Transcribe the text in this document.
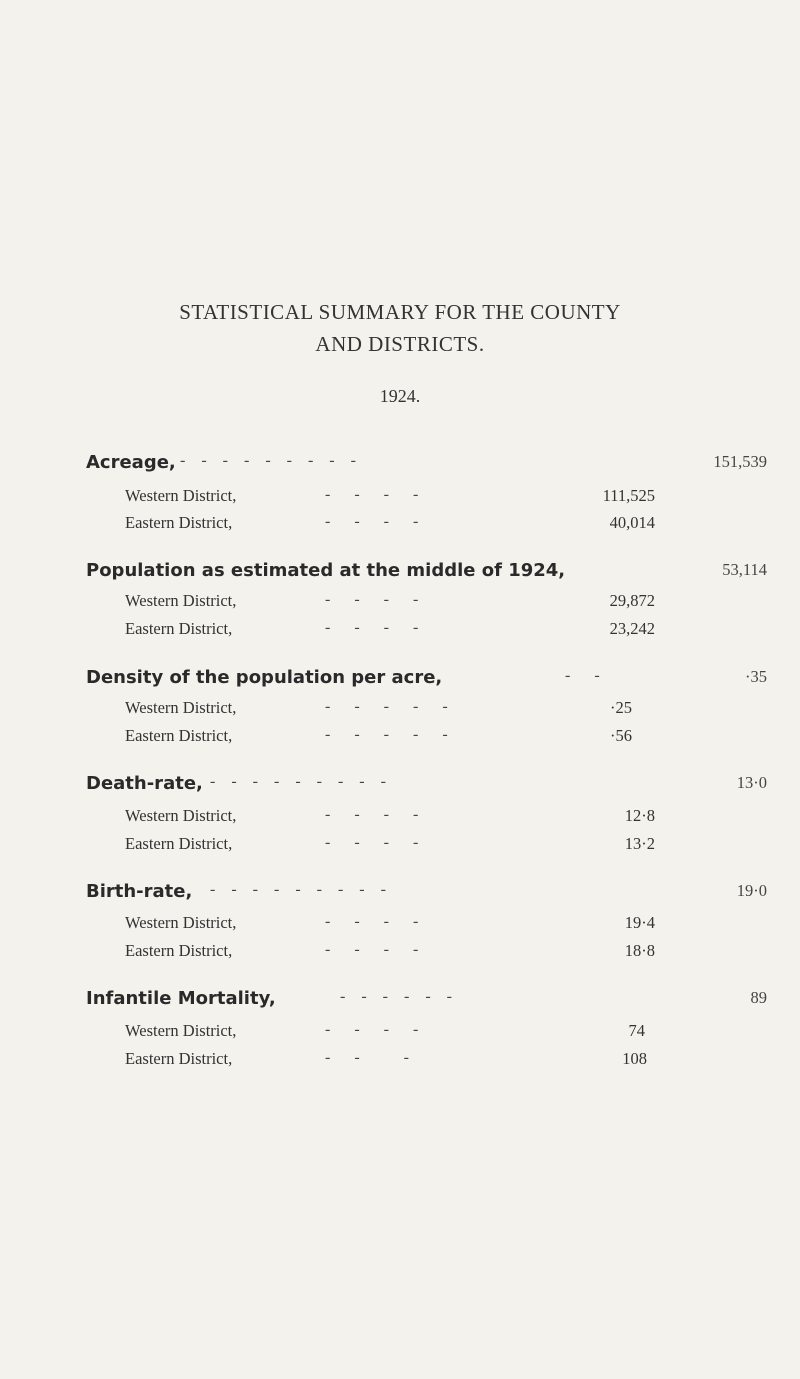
STATISTICAL SUMMARY FOR THE COUNTY
AND DISTRICTS.
1924.
Acreage, -    -    -    -    -    -    -    -    -	151,539
Western District,	-      -      -      -	111,525
Eastern District,	-      -      -      -	40,014
Population as estimated at the middle of 1924,	53,114
Western District,	-      -      -      -	29,872
Eastern District,	-      -      -      -	23,242
Density of the population per acre,	-      -	·35
Western District,	-      -      -      -      -	·25
Eastern District,	-      -      -      -      -	·56
Death-rate, -    -    -    -    -    -    -    -    -	13·0
Western District,	-      -      -      -	12·8
Eastern District,	-      -      -      -	13·2
Birth-rate, -    -    -    -    -    -    -    -    -	19·0
Western District,	-      -      -      -	19·4
Eastern District,	-      -      -      -	18·8
Infantile Mortality,	-    -    -    -    -    -	89
Western District,	-      -      -      -	74
Eastern District,	-      -           -	108
